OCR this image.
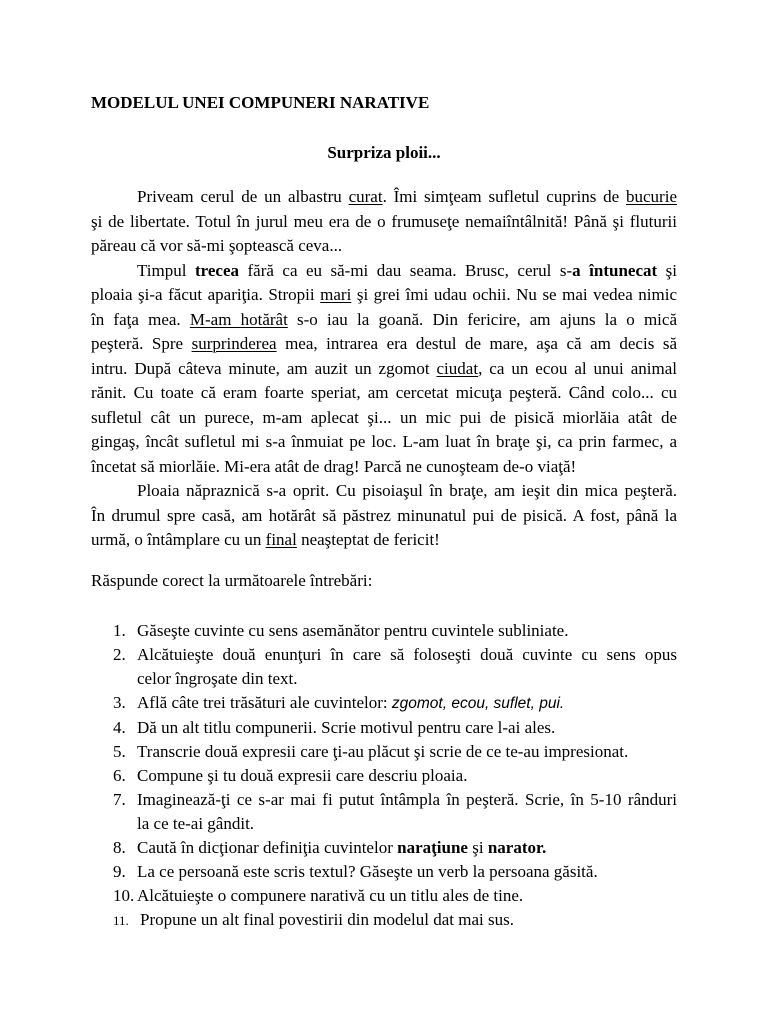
MODELUL UNEI COMPUNERI NARATIVE
Surpriza ploii...
Priveam cerul de un albastru curat. Îmi simţeam sufletul cuprins de bucurie
şi de libertate. Totul în jurul meu era de o frumuseţe nemaiîntâlnită! Până şi fluturii
păreau că vor să-mi şoptească ceva...
Timpul trecea fără ca eu să-mi dau seama. Brusc, cerul s-a întunecat şi
ploaia şi-a făcut apariţia. Stropii mari şi grei îmi udau ochii. Nu se mai vedea nimic
în faţa mea. M-am hotărât s-o iau la goană. Din fericire, am ajuns la o mică
peşteră. Spre surprinderea mea, intrarea era destul de mare, aşa că am decis să
intru. După câteva minute, am auzit un zgomot ciudat, ca un ecou al unui animal
rănit. Cu toate că eram foarte speriat, am cercetat micuţa peşteră. Când colo... cu
sufletul cât un purece, m-am aplecat şi... un mic pui de pisică miorlăia atât de
gingaş, încât sufletul mi s-a înmuiat pe loc. L-am luat în braţe şi, ca prin farmec, a
încetat să miorlăie. Mi-era atât de drag! Parcă ne cunoşteam de-o viaţă!
Ploaia năpraznică s-a oprit. Cu pisoiaşul în braţe, am ieşit din mica peşteră.
În drumul spre casă, am hotărât să păstrez minunatul pui de pisică. A fost, până la
urmă, o întâmplare cu un final neaşteptat de fericit!
Răspunde corect la următoarele întrebări:
1. Găseşte cuvinte cu sens asemănător pentru cuvintele subliniate.
2. Alcătuieşte două enunţuri în care să foloseşti două cuvinte cu sens opus
celor îngroşate din text.
3. Află câte trei trăsături ale cuvintelor: zgomot, ecou, suflet, pui.
4. Dă un alt titlu compunerii. Scrie motivul pentru care l-ai ales.
5. Transcrie două expresii care ţi-au plăcut şi scrie de ce te-au impresionat.
6. Compune şi tu două expresii care descriu ploaia.
7. Imaginează-ţi ce s-ar mai fi putut întâmpla în peşteră. Scrie, în 5-10 rânduri
la ce te-ai gândit.
8. Caută în dicţionar definiţia cuvintelor naraţiune şi narator.
9. La ce persoană este scris textul? Găseşte un verb la persoana găsită.
10. Alcătuieşte o compunere narativă cu un titlu ales de tine.
11. Propune un alt final povestirii din modelul dat mai sus.
